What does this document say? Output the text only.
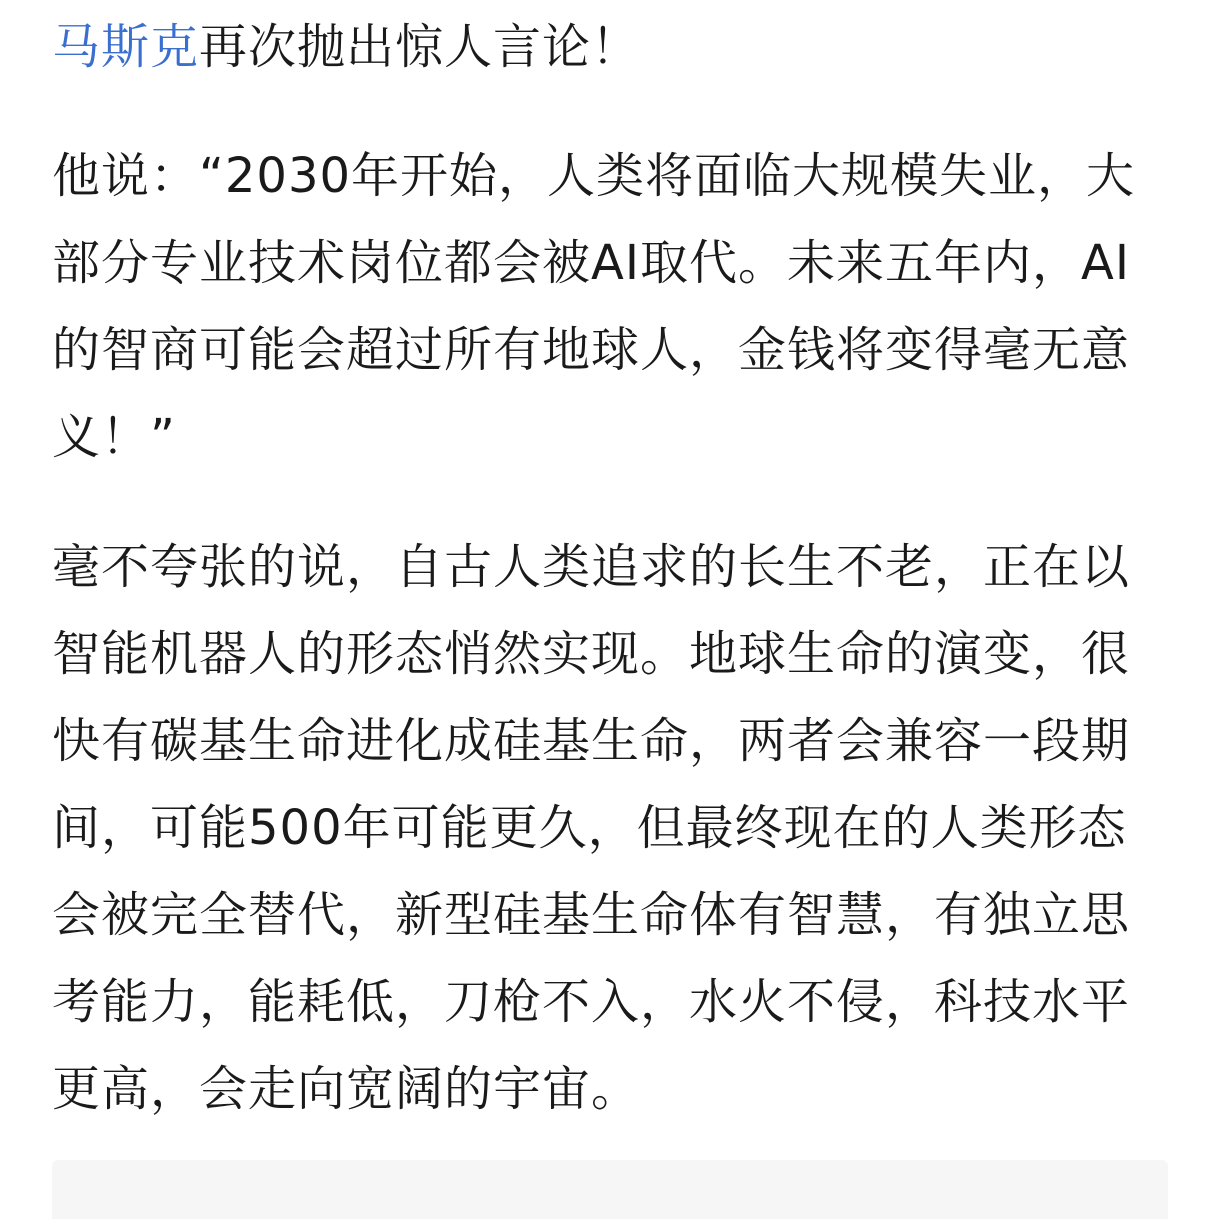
马斯克再次抛出惊人言论！

他说：“2030年开始，人类将面临大规模失业，大部分专业技术岗位都会被AI取代。未来五年内，AI的智商可能会超过所有地球人，金钱将变得毫无意义！”

毫不夸张的说，自古人类追求的长生不老，正在以智能机器人的形态悄然实现。地球生命的演变，很快有碳基生命进化成硅基生命，两者会兼容一段期间，可能500年可能更久，但最终现在的人类形态会被完全替代，新型硅基生命体有智慧，有独立思考能力，能耗低，刀枪不入，水火不侵，科技水平更高，会走向宽阔的宇宙。
